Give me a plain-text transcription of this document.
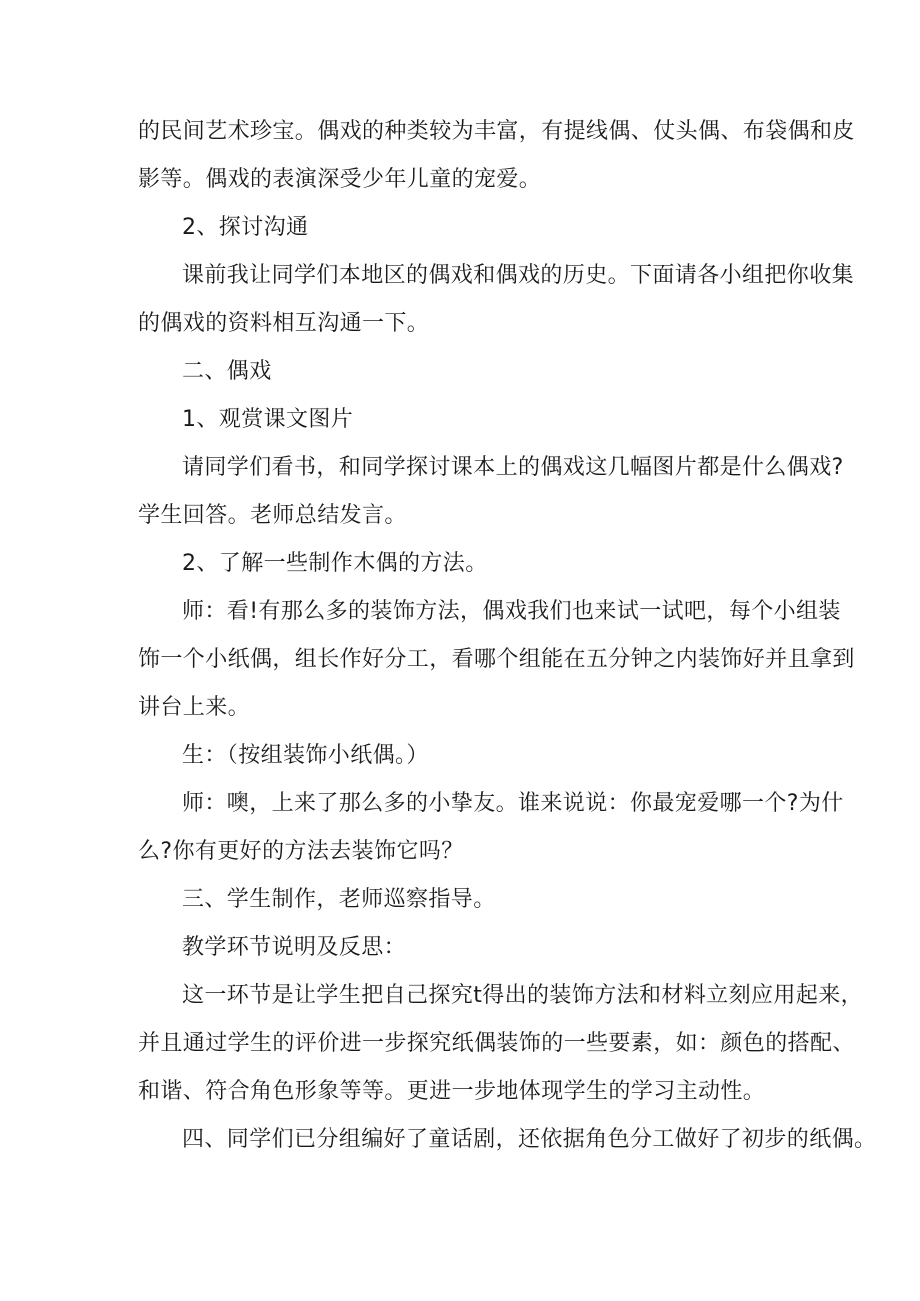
的民间艺术珍宝。偶戏的种类较为丰富，有提线偶、仗头偶、布袋偶和皮
影等。偶戏的表演深受少年儿童的宠爱。
2、探讨沟通
课前我让同学们本地区的偶戏和偶戏的历史。下面请各小组把你收集
的偶戏的资料相互沟通一下。
二、偶戏
1、观赏课文图片
请同学们看书，和同学探讨课本上的偶戏这几幅图片都是什么偶戏?
学生回答。老师总结发言。
2、了解一些制作木偶的方法。
师：看!有那么多的装饰方法，偶戏我们也来试一试吧，每个小组装
饰一个小纸偶，组长作好分工，看哪个组能在五分钟之内装饰好并且拿到
讲台上来。
生：（按组装饰小纸偶。）
师：噢，上来了那么多的小挚友。谁来说说：你最宠爱哪一个?为什
么?你有更好的方法去装饰它吗？
三、学生制作，老师巡察指导。
教学环节说明及反思：
这一环节是让学生把自己探究t得出的装饰方法和材料立刻应用起来，
并且通过学生的评价进一步探究纸偶装饰的一些要素，如：颜色的搭配、
和谐、符合角色形象等等。更进一步地体现学生的学习主动性。
四、同学们已分组编好了童话剧，还依据角色分工做好了初步的纸偶。
